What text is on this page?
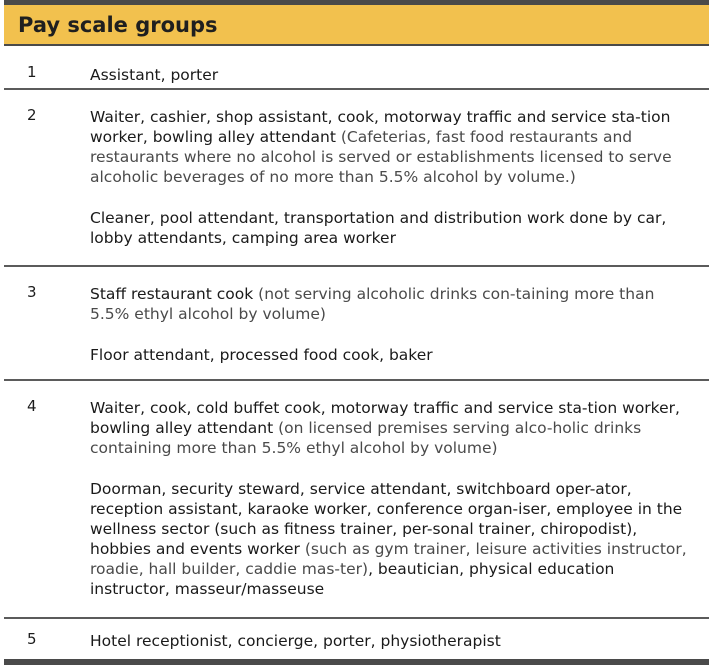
Pay scale groups
1	Assistant, porter
2	Waiter, cashier, shop assistant, cook, motorway traffic and service sta-tion worker, bowling alley attendant (Cafeterias, fast food restaurants and restaurants where no alcohol is served or establishments licensed to serve alcoholic beverages of no more than 5.5% alcohol by volume.)
Cleaner, pool attendant, transportation and distribution work done by car, lobby attendants, camping area worker
3	Staff restaurant cook (not serving alcoholic drinks con-taining more than 5.5% ethyl alcohol by volume)
Floor attendant, processed food cook, baker
4	Waiter, cook, cold buffet cook, motorway traffic and service sta-tion worker, bowling alley attendant (on licensed premises serving alco-holic drinks containing more than 5.5% ethyl alcohol by volume)
Doorman, security steward, service attendant, switchboard oper-ator, reception assistant, karaoke worker, conference organ-iser, employee in the wellness sector (such as fitness trainer, per-sonal trainer, chiropodist), hobbies and events worker (such as gym trainer, leisure activities instructor, roadie, hall builder, caddie mas-ter), beautician, physical education instructor, masseur/masseuse
5	Hotel receptionist, concierge, porter, physiotherapist
